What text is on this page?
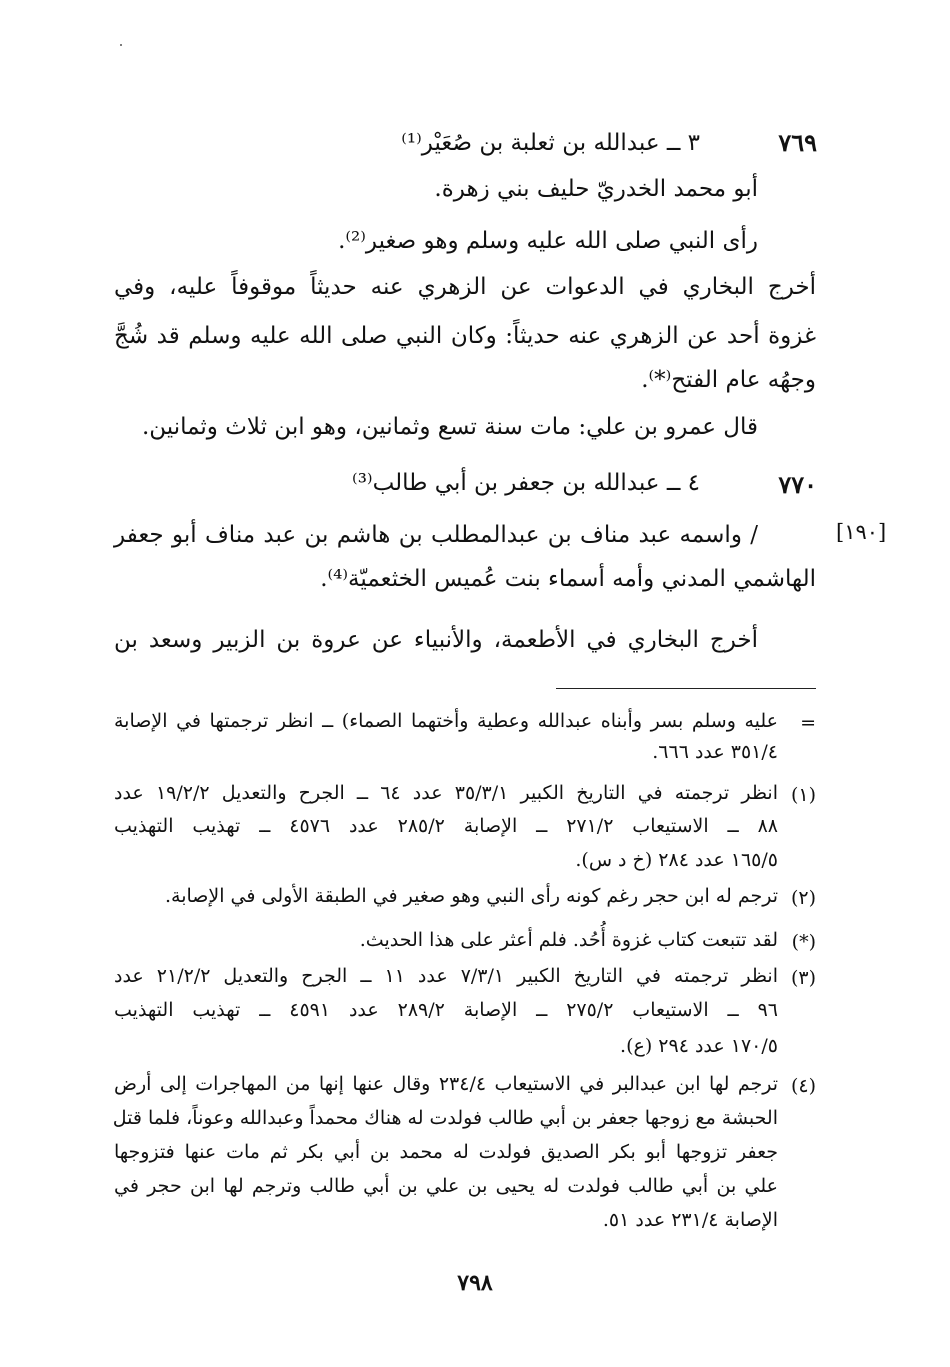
٧٦٩
٣ ــ عبدالله بن ثعلبة بن صُعَيْر⁽¹⁾
أبو محمد الخدريّ حليف بني زهرة.
رأى النبي صلى الله عليه وسلم وهو صغير⁽²⁾.
أخرج البخاري في الدعوات عن الزهري عنه حديثاً موقوفاً عليه، وفي
غزوة أحد عن الزهري عنه حديثاً: وكان النبي صلى الله عليه وسلم قد شُجَّ
وجهُه عام الفتح⁽*⁾.
قال عمرو بن علي: مات سنة تسع وثمانين، وهو ابن ثلاث وثمانين.
٧٧٠
٤ ــ عبدالله بن جعفر بن أبي طالب⁽³⁾
[١٩٠]
/ واسمه عبد مناف بن عبدالمطلب بن هاشم بن عبد مناف أبو جعفر
الهاشمي المدني وأمه أسماء بنت عُميس الخثعميّة⁽⁴⁾.
أخرج البخاري في الأطعمة، والأنبياء عن عروة بن الزبير وسعد بن
=
عليه وسلم بسر وأبناه عبدالله وعطية وأختهما الصماء) ــ انظر ترجمتها في الإصابة
٣٥١/٤ عدد ٦٦٦.
(١)
انظر ترجمته في التاريخ الكبير ٣٥/٣/١ عدد ٦٤ ــ الجرح والتعديل ١٩/٢/٢ عدد
٨٨ ــ الاستيعاب ٢٧١/٢ ــ الإصابة ٢٨٥/٢ عدد ٤٥٧٦ ــ تهذيب التهذيب
١٦٥/٥ عدد ٢٨٤ (خ د س).
(٢)
ترجم له ابن حجر رغم كونه رأى النبي وهو صغير في الطبقة الأولى في الإصابة.
(*)
لقد تتبعت كتاب غزوة أُحُد. فلم أعثر على هذا الحديث.
(٣)
انظر ترجمته في التاريخ الكبير ٧/٣/١ عدد ١١ ــ الجرح والتعديل ٢١/٢/٢ عدد
٩٦ ــ الاستيعاب ٢٧٥/٢ ــ الإصابة ٢٨٩/٢ عدد ٤٥٩١ ــ تهذيب التهذيب
١٧٠/٥ عدد ٢٩٤ (ع).
(٤)
ترجم لها ابن عبدالبر في الاستيعاب ٢٣٤/٤ وقال عنها إنها من المهاجرات إلى أرض
الحبشة مع زوجها جعفر بن أبي طالب فولدت له هناك محمداً وعبدالله وعوناً، فلما قتل
جعفر تزوجها أبو بكر الصديق فولدت له محمد بن أبي بكر ثم مات عنها فتزوجها
علي بن أبي طالب فولدت له يحيى بن علي بن أبي طالب وترجم لها ابن حجر في
الإصابة ٢٣١/٤ عدد ٥١.
٧٩٨
